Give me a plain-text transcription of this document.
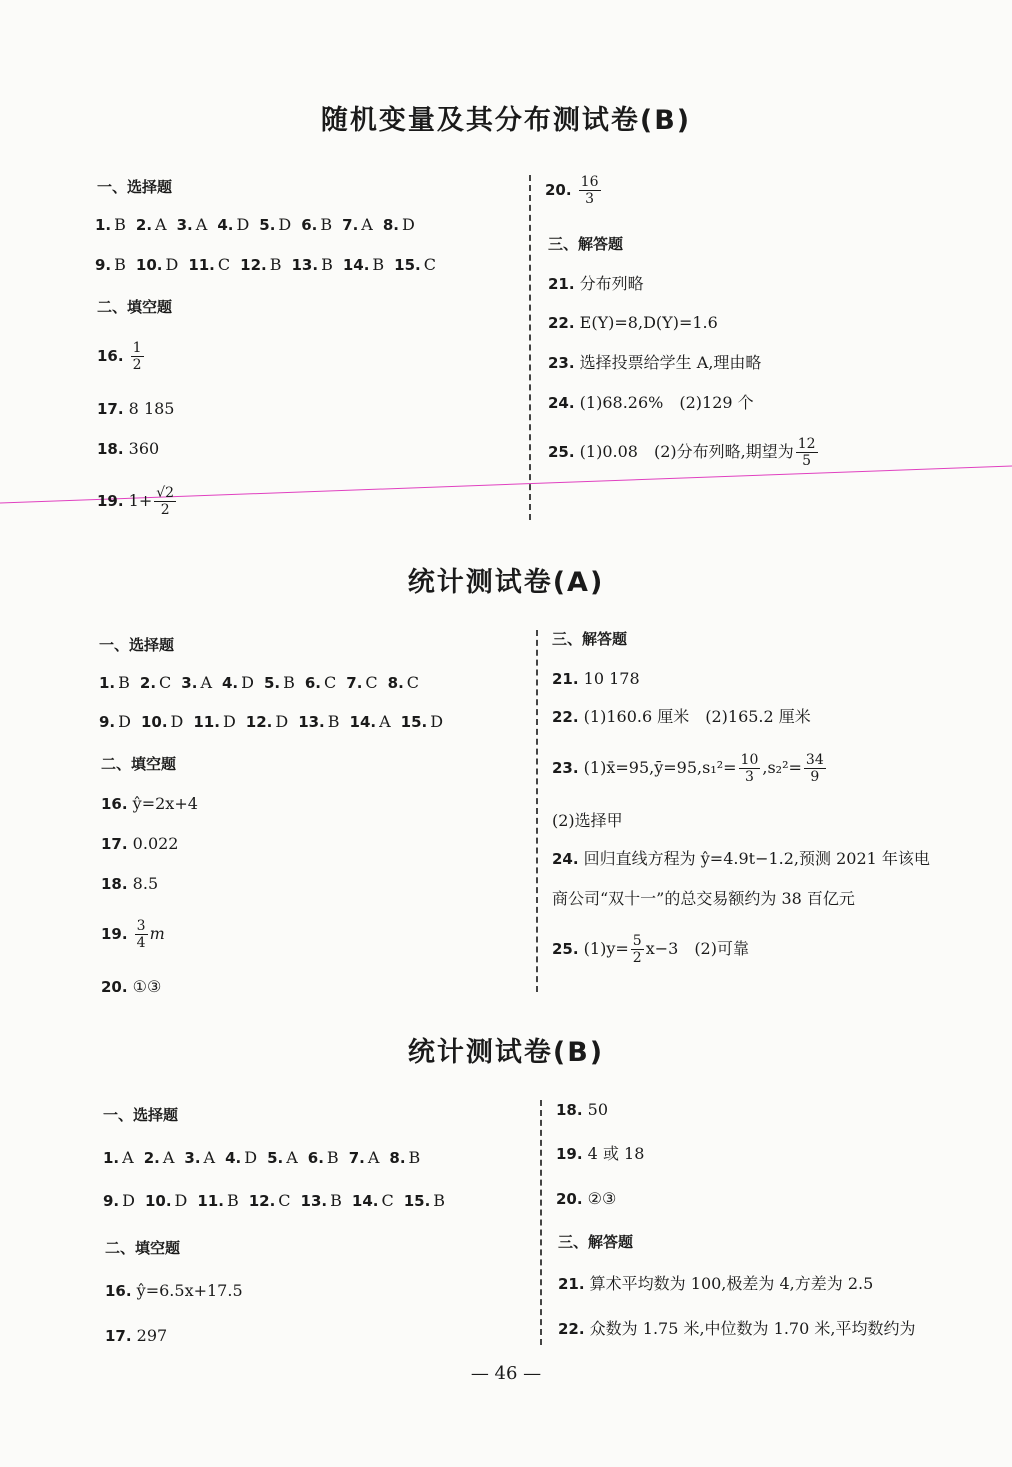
随机变量及其分布测试卷(B)
一、选择题
1. B 2. A 3. A 4. D 5. D 6. B 7. A 8. D
9. B 10. D 11. C 12. B 13. B 14. B 15. C
二、填空题
16. $\frac{1}{2}$
17. 8 185
18. 360
19. $1+ \frac{√2}{2}$
20. $\frac{16}{3}$
三、解答题
21. 分布列略
22. E(Y)=8,D(Y)=1.6
23. 选择投票给学生 A,理由略
24. (1)68.26%　(2)129 个
25. (1)0.08　(2)分布列略,期望为 $\frac{12}{5}$
统计测试卷(A)
一、选择题
1. B 2. C 3. A 4. D 5. B 6. C 7. C 8. C
9. D 10. D 11. D 12. D 13. B 14. A 15. D
二、填空题
16. ŷ=2x+4
17. 0.022
18. 8.5
19. $\frac{3}{4}$ m
20. ①③
三、解答题
21. 10 178
22. (1)160.6 厘米　(2)165.2 厘米
23. (1)x̄=95,ȳ=95,s₁²= $\frac{10}{3} ,s_2^2= \frac{34}{9}$
(2)选择甲
24. 回归直线方程为 ŷ=4.9t−1.2,预测 2021 年该电
商公司“双十一”的总交易额约为 38 百亿元
25. $(1)y= \frac{5}{2} x-3$　(2)可靠
统计测试卷(B)
一、选择题
1. A 2. A 3. A 4. D 5. A 6. B 7. A 8. B
9. D 10. D 11. B 12. C 13. B 14. C 15. B
二、填空题
16. ŷ=6.5x+17.5
17. 297
18. 50
19. 4 或 18
20. ②③
三、解答题
21. 算术平均数为 100,极差为 4,方差为 2.5
22. 众数为 1.75 米,中位数为 1.70 米,平均数约为
— 46 —
